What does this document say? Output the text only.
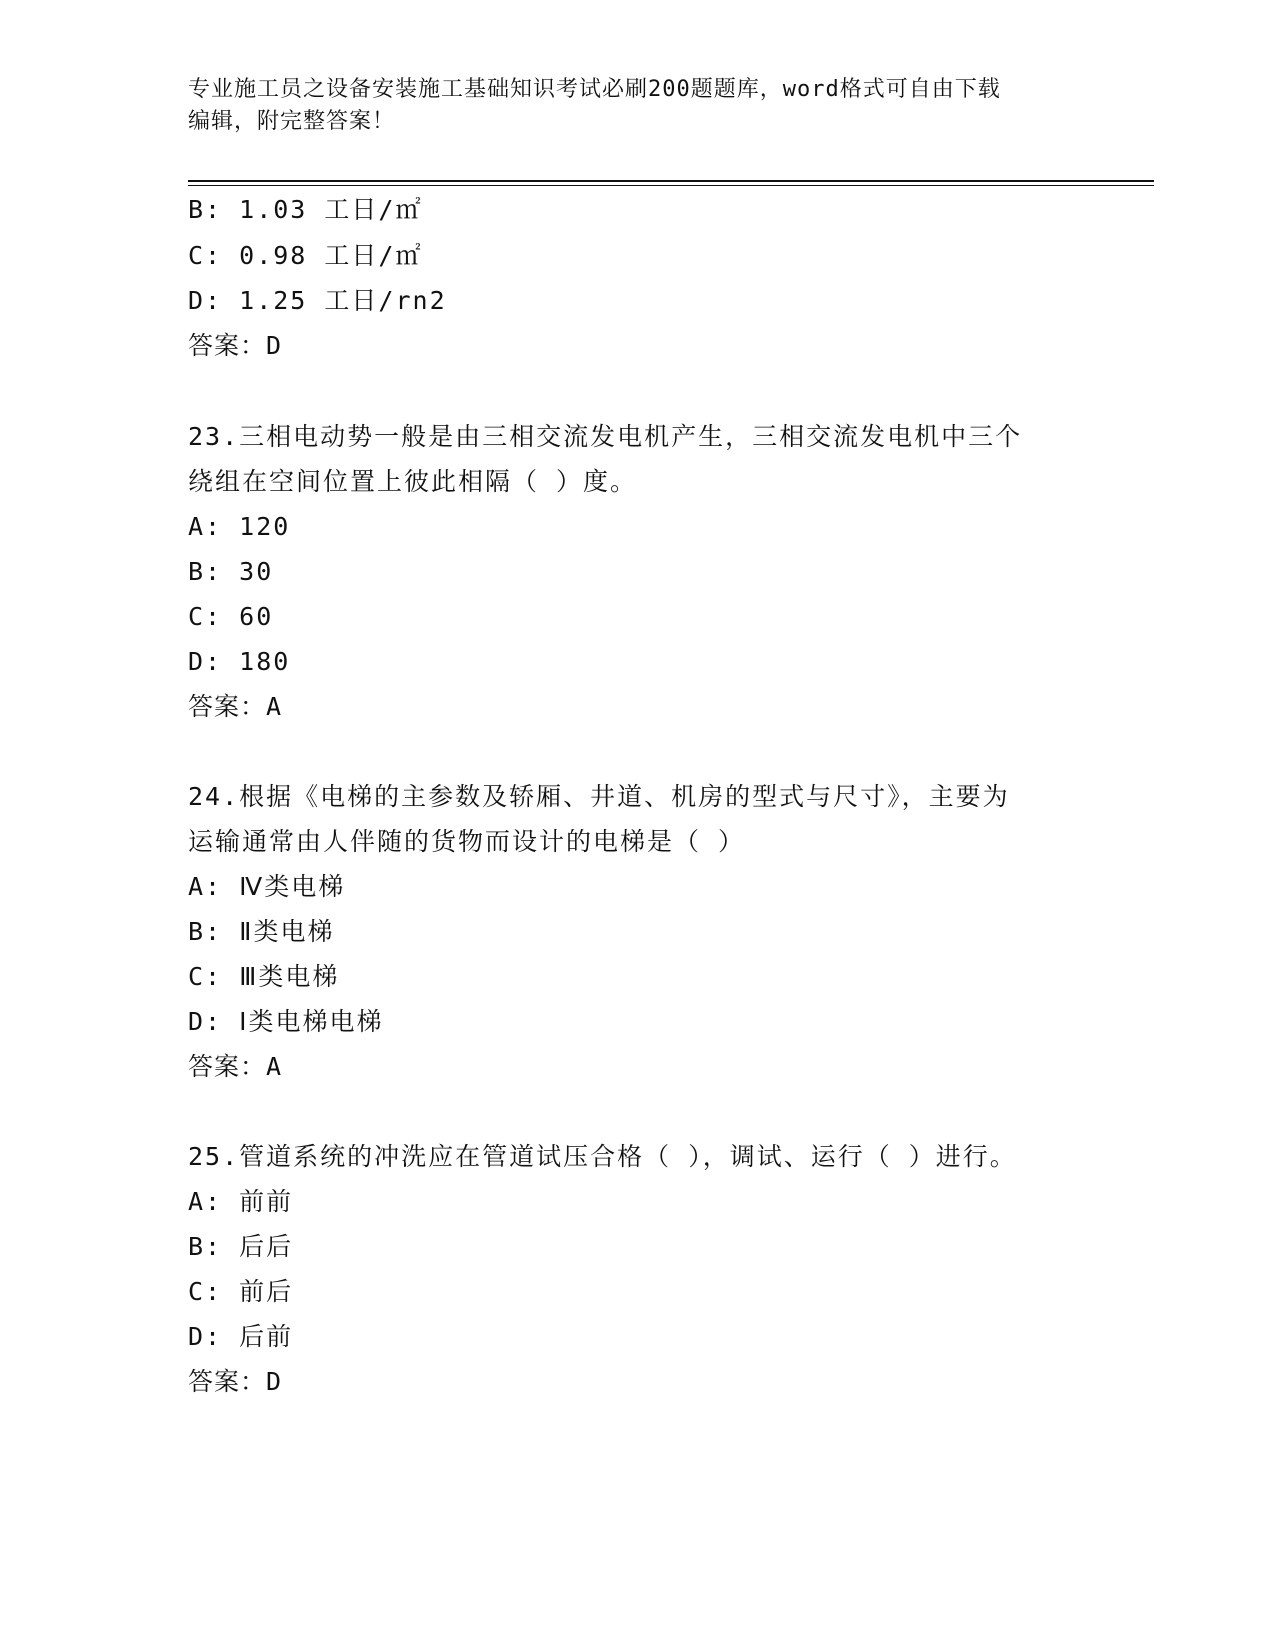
专业施工员之设备安装施工基础知识考试必刷200题题库，word格式可自由下载
编辑，附完整答案！
B: 1.03 工日/㎡
C: 0.98 工日/㎡
D: 1.25 工日/rn2
答案：D
23.三相电动势一般是由三相交流发电机产生，三相交流发电机中三个
绕组在空间位置上彼此相隔（ ）度。
A: 120
B: 30
C: 60
D: 180
答案：A
24.根据《电梯的主参数及轿厢、井道、机房的型式与尺寸》，主要为
运输通常由人伴随的货物而设计的电梯是（ ）
A: Ⅳ类电梯
B: Ⅱ类电梯
C: Ⅲ类电梯
D: Ⅰ类电梯电梯
答案：A
25.管道系统的冲洗应在管道试压合格（ ），调试、运行（ ）进行。
A: 前前
B: 后后
C: 前后
D: 后前
答案：D
